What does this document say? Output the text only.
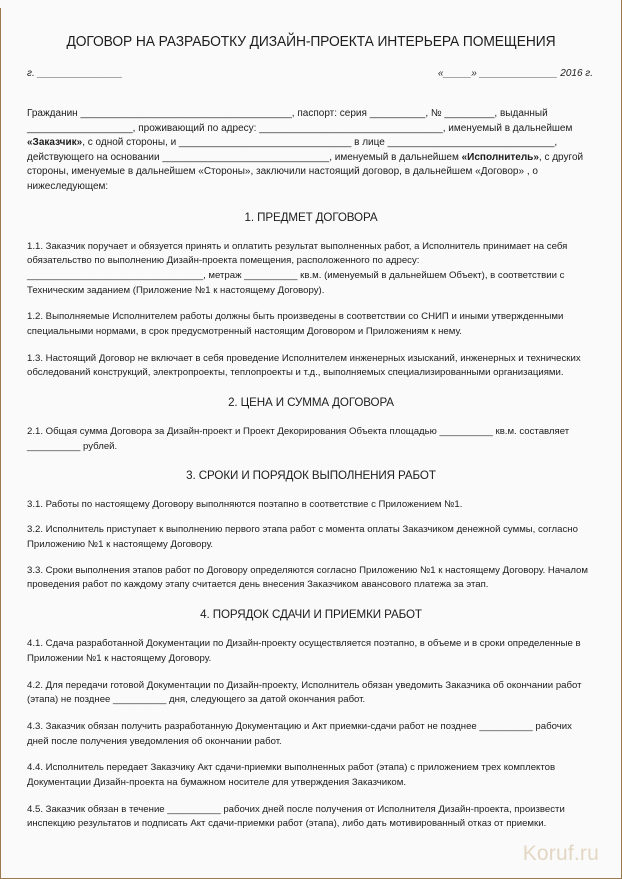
ДОГОВОР НА РАЗРАБОТКУ ДИЗАЙН-ПРОЕКТА ИНТЕРЬЕРА ПОМЕЩЕНИЯ
г. _______________	«_____» ______________ 2016 г.

Гражданин ______________________________________, паспорт: серия __________, № _________, выданный ___________________, проживающий по адресу: _________________________________, именуемый в дальнейшем «Заказчик», с одной стороны, и _______________________________ в лице ______________________________, действующего на основании ______________________________, именуемый в дальнейшем «Исполнитель», с другой стороны, именуемые в дальнейшем «Стороны», заключили настоящий договор, в дальнейшем «Договор» , о нижеследующем:

1. ПРЕДМЕТ ДОГОВОРА

1.1. Заказчик поручает и обязуется принять и оплатить результат выполненных работ, а Исполнитель принимает на себя обязательство по выполнению Дизайн-проекта помещения, расположенного по адресу: _________________________________, метраж __________ кв.м. (именуемый в дальнейшем Объект), в соответствии с Техническим заданием (Приложение №1 к настоящему Договору).

1.2. Выполняемые Исполнителем работы должны быть произведены в соответствии со СНИП и иными утвержденными специальными нормами, в срок предусмотренный настоящим Договором и Приложениям к нему.

1.3. Настоящий Договор не включает в себя проведение Исполнителем инженерных изысканий, инженерных и технических обследований конструкций, электропроекты, теплопроекты и т.д., выполняемых специализированными организациями.

2. ЦЕНА И СУММА ДОГОВОРА

2.1. Общая сумма Договора за Дизайн-проект и Проект Декорирования Объекта площадью __________ кв.м. составляет __________ рублей.

3. СРОКИ И ПОРЯДОК ВЫПОЛНЕНИЯ РАБОТ

3.1. Работы по настоящему Договору выполняются поэтапно в соответствие с Приложением №1.

3.2. Исполнитель приступает к выполнению первого этапа работ с момента оплаты Заказчиком денежной суммы, согласно Приложению №1 к настоящему Договору.

3.3. Сроки выполнения этапов работ по Договору определяются согласно Приложению №1 к настоящему Договору. Началом проведения работ по каждому этапу считается день внесения Заказчиком авансового платежа за этап.

4. ПОРЯДОК СДАЧИ И ПРИЕМКИ РАБОТ

4.1. Сдача разработанной Документации по Дизайн-проекту осуществляется поэтапно, в объеме и в сроки определенные в Приложении №1 к настоящему Договору.

4.2. Для передачи готовой Документации по Дизайн-проекту, Исполнитель обязан уведомить Заказчика об окончании работ (этапа) не позднее __________ дня, следующего за датой окончания работ.

4.3. Заказчик обязан получить разработанную Документацию и Акт приемки-сдачи работ не позднее __________ рабочих дней после получения уведомления об окончании работ.

4.4. Исполнитель передает Заказчику Акт сдачи-приемки выполненных работ (этапа) с приложением трех комплектов Документации Дизайн-проекта на бумажном носителе для утверждения Заказчиком.

4.5. Заказчик обязан в течение __________ рабочих дней после получения от Исполнителя Дизайн-проекта, произвести инспекцию результатов и подписать Акт сдачи-приемки работ (этапа), либо дать мотивированный отказ от приемки.

Koruf.ru
